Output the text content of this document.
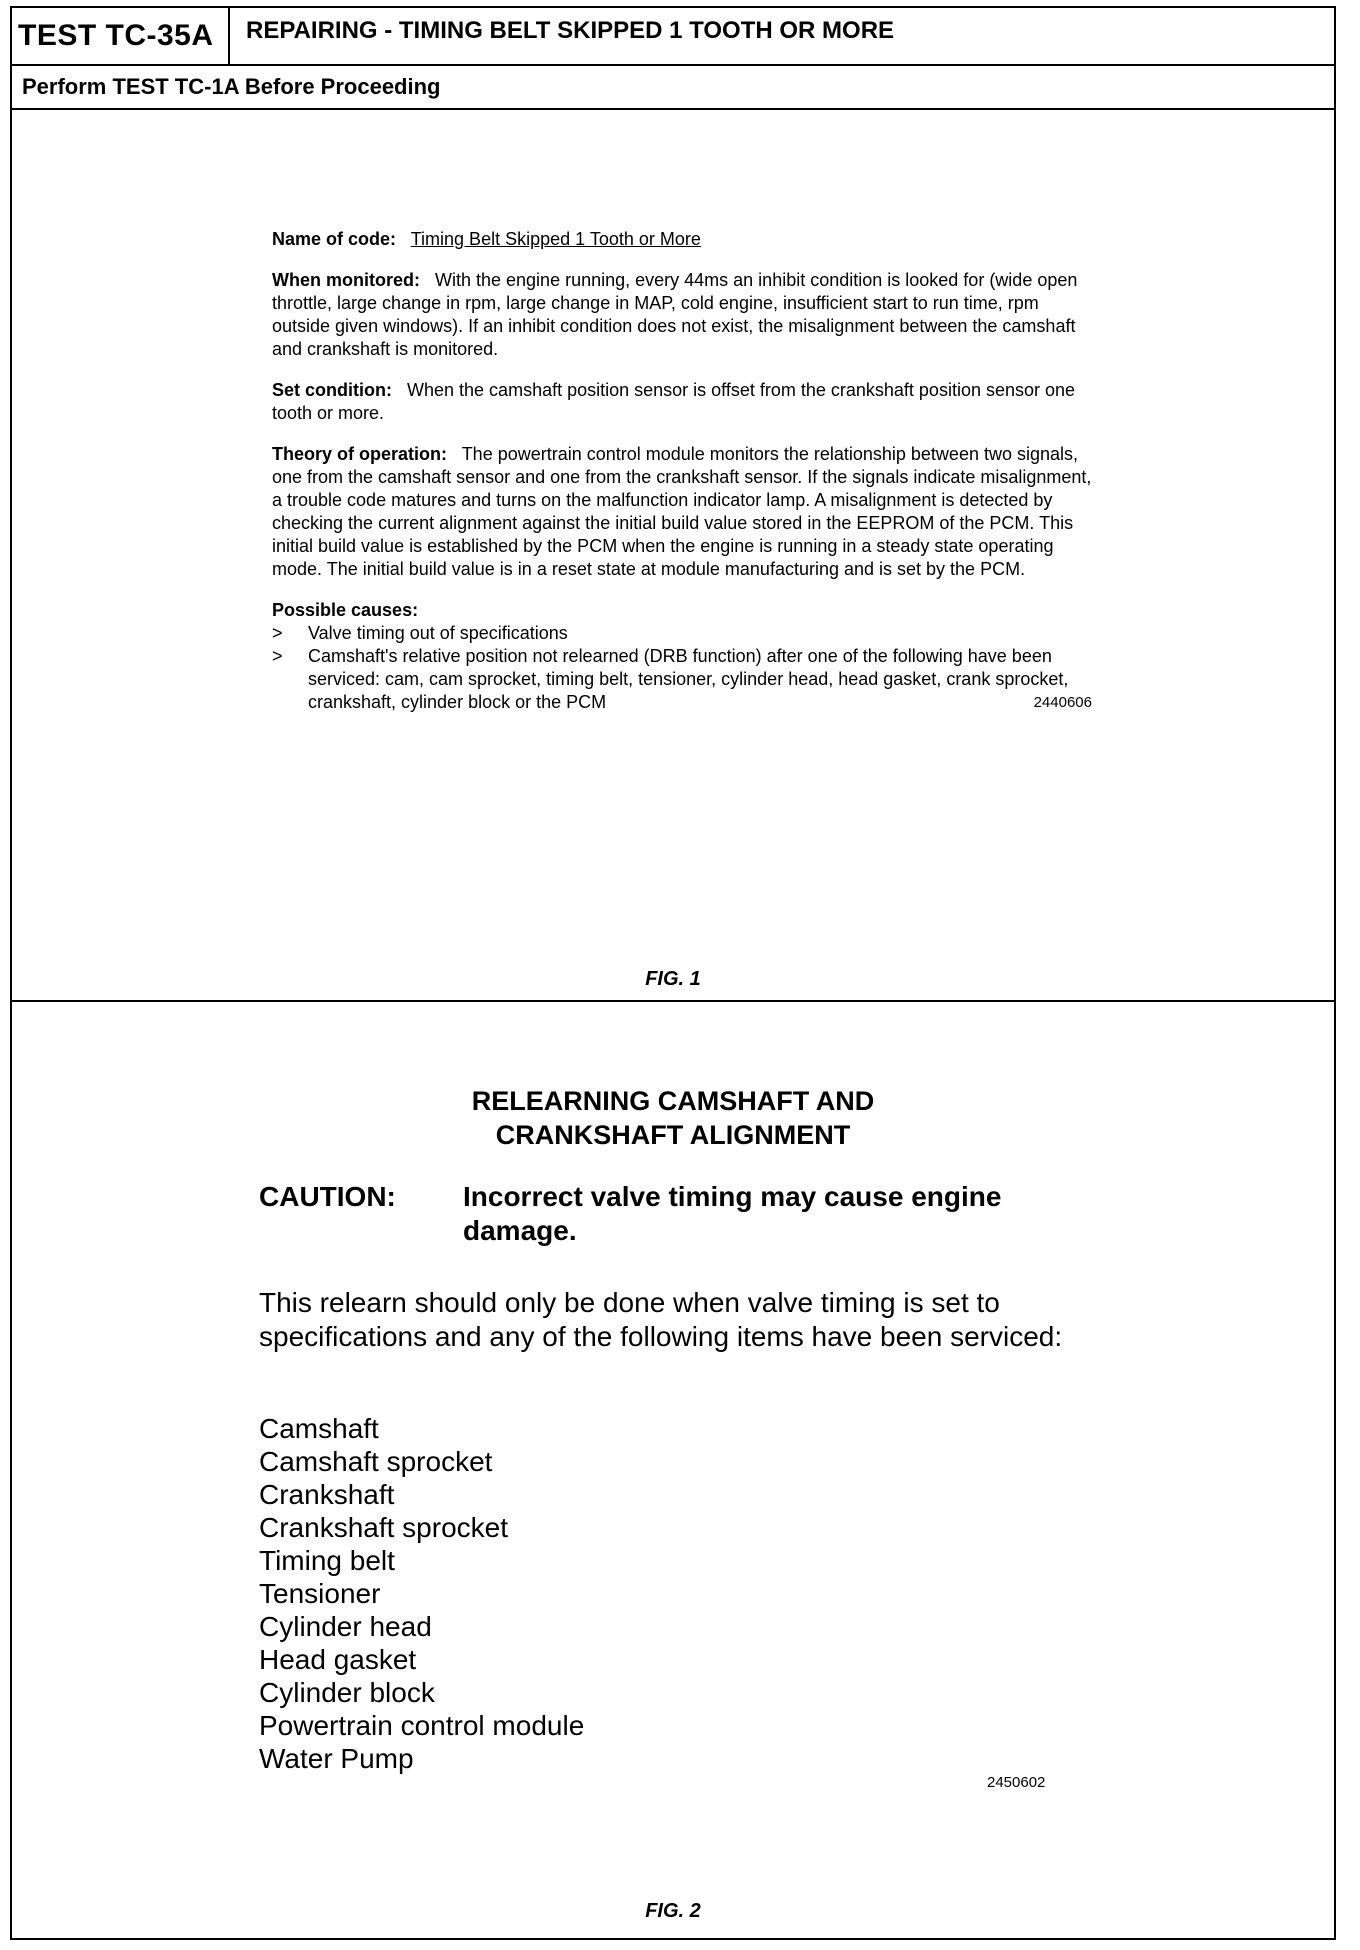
TEST TC-35A	REPAIRING - TIMING BELT SKIPPED 1 TOOTH OR MORE
Perform TEST TC-1A Before Proceeding

Name of code: Timing Belt Skipped 1 Tooth or More

When monitored: With the engine running, every 44ms an inhibit condition is looked for (wide open throttle, large change in rpm, large change in MAP, cold engine, insufficient start to run time, rpm outside given windows). If an inhibit condition does not exist, the misalignment between the camshaft and crankshaft is monitored.

Set condition: When the camshaft position sensor is offset from the crankshaft position sensor one tooth or more.

Theory of operation: The powertrain control module monitors the relationship between two signals, one from the camshaft sensor and one from the crankshaft sensor. If the signals indicate misalignment, a trouble code matures and turns on the malfunction indicator lamp. A misalignment is detected by checking the current alignment against the initial build value stored in the EEPROM of the PCM. This initial build value is established by the PCM when the engine is running in a steady state operating mode. The initial build value is in a reset state at module manufacturing and is set by the PCM.

Possible causes:
> Valve timing out of specifications
> Camshaft's relative position not relearned (DRB function) after one of the following have been serviced: cam, cam sprocket, timing belt, tensioner, cylinder head, head gasket, crank sprocket, crankshaft, cylinder block or the PCM	2440606
FIG. 1
RELEARNING CAMSHAFT AND
CRANKSHAFT ALIGNMENT
CAUTION: Incorrect valve timing may cause engine damage.

This relearn should only be done when valve timing is set to specifications and any of the following items have been serviced:

Camshaft
Camshaft sprocket
Crankshaft
Crankshaft sprocket
Timing belt
Tensioner
Cylinder head
Head gasket
Cylinder block
Powertrain control module
Water Pump
2450602
FIG. 2
